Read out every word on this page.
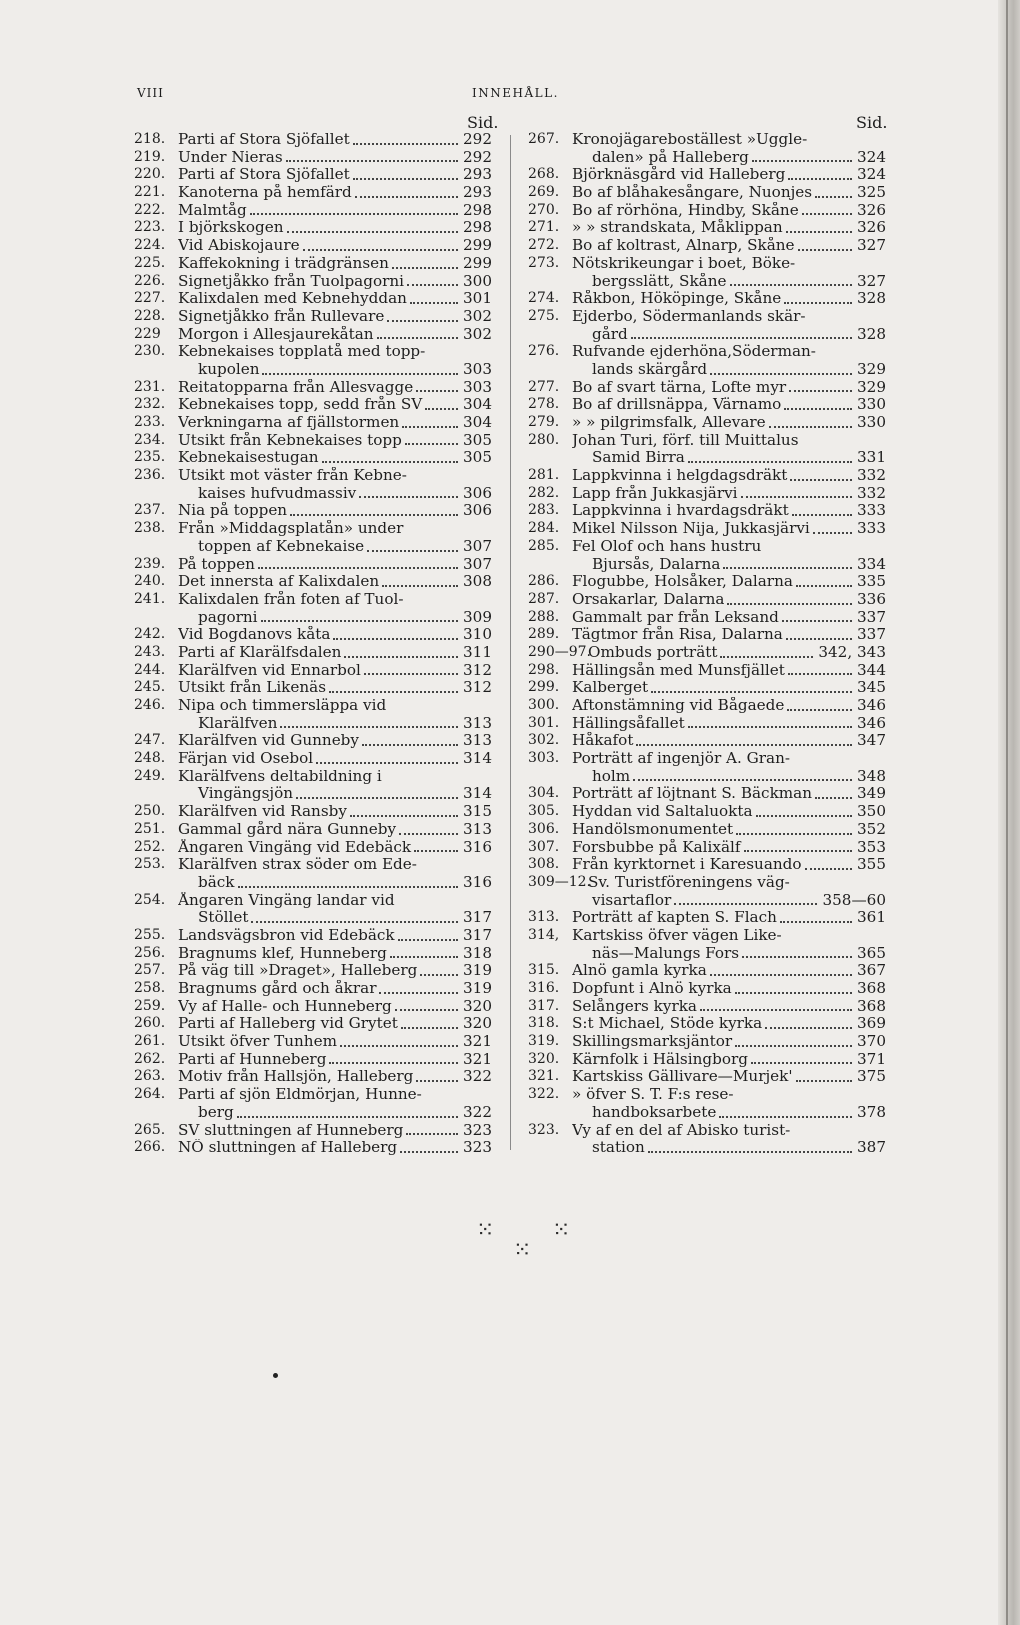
VIII	INNEHÅLL.
Sid.	Sid.
218. Parti af Stora Sjöfallet	292
219. Under Nieras	292
220. Parti af Stora Sjöfallet	293
221. Kanoterna på hemfärd	293
222. Malmtåg	298
223. I björkskogen	298
224. Vid Abiskojaure	299
225. Kaffekokning i trädgränsen	299
226. Signetjåkko från Tuolpagorni	300
227. Kalixdalen med Kebnehyddan	301
228. Signetjåkko från Rullevare	302
229	Morgon i Allesjaurekåtan	302
230. Kebnekaises topplatå med topp-
kupolen	303
231. Reitatopparna från Allesvagge	303
232. Kebnekaises topp, sedd från SV	304
233. Verkningarna af fjällstormen	304
234. Utsikt från Kebnekaises topp	305
235. Kebnekaisestugan	305
236. Utsikt mot väster från Kebne-
kaises hufvudmassiv	306
237. Nia på toppen	306
238. Från »Middagsplatån» under
toppen af Kebnekaise	307
239. På toppen	307
240. Det innersta af Kalixdalen	308
241. Kalixdalen från foten af Tuol-
pagorni	309
242. Vid Bogdanovs kåta	310
243. Parti af Klarälfsdalen	311
244. Klarälfven vid Ennarbol	312
245. Utsikt från Likenäs	312
246. Nipa och timmersläppa vid
Klarälfven	313
247. Klarälfven vid Gunneby	313
248. Färjan vid Osebol	314
249. Klarälfvens deltabildning i
Vingängsjön	314
250. Klarälfven vid Ransby	315
251. Gammal gård nära Gunneby	313
252. Ångaren Vingäng vid Edebäck	316
253. Klarälfven strax söder om Ede-
bäck	316
254. Ångaren Vingäng landar vid
Stöllet	317
255. Landsvägsbron vid Edebäck	317
256. Bragnums klef, Hunneberg	318
257. På väg till »Draget», Halleberg	319
258. Bragnums gård och åkrar	319
259. Vy af Halle- och Hunneberg	320
260. Parti af Halleberg vid Grytet	320
261. Utsikt öfver Tunhem	321
262. Parti af Hunneberg	321
263. Motiv från Hallsjön, Halleberg	322
264. Parti af sjön Eldmörjan, Hunne-
berg	322
265. SV sluttningen af Hunneberg	323
266. NÖ sluttningen af Halleberg	323
267. Kronojägareboställest »Uggle-
dalen» på Halleberg	324
268. Björknäsgård vid Halleberg	324
269. Bo af blåhakesångare, Nuonjes	325
270. Bo af rörhöna, Hindby, Skåne	326
271. » » strandskata, Måklippan	326
272. Bo af koltrast, Alnarp, Skåne	327
273. Nötskrikeungar i boet, Böke-
bergsslätt, Skåne	327
274. Råkbon, Hököpinge, Skåne	328
275. Ejderbo, Södermanlands skär-
gård	328
276. Rufvande ejderhöna,Söderman-
lands skärgård	329
277. Bo af svart tärna, Lofte myr	329
278. Bo af drillsnäppa, Värnamo	330
279. » » pilgrimsfalk, Allevare	330
280. Johan Turi, förf. till Muittalus
Samid Birra	331
281. Lappkvinna i helgdagsdräkt	332
282. Lapp från Jukkasjärvi	332
283. Lappkvinna i hvardagsdräkt	333
284. Mikel Nilsson Nija, Jukkasjärvi	333
285. Fel Olof och hans hustru
Bjursås, Dalarna	334
286. Flogubbe, Holsåker, Dalarna	335
287. Orsakarlar, Dalarna	336
288. Gammalt par från Leksand	337
289. Tägtmor från Risa, Dalarna	337
290—97.
Ombuds porträtt	342, 343
298. Hällingsån med Munsfjället	344
299. Kalberget	345
300. Aftonstämning vid Bågaede	346
301. Hällingsåfallet	346
302. Håkafot	347
303. Porträtt af ingenjör A. Gran-
holm	348
304. Porträtt af löjtnant S. Bäckman	349
305. Hyddan vid Saltaluokta	350
306. Handölsmonumentet	352
307. Forsbubbe på Kalixälf	353
308. Från kyrktornet i Karesuando	355
309—12.
Sv. Turistföreningens väg-
visartaflor	358—60
313. Porträtt af kapten S. Flach	361
314, Kartskiss öfver vägen Like-
näs—Malungs Fors	365
315. Alnö gamla kyrka	367
316. Dopfunt i Alnö kyrka	368
317. Selångers kyrka	368
318. S:t Michael, Stöde kyrka	369
319. Skillingsmarksjäntor	370
320. Kärnfolk i Hälsingborg	371
321. Kartskiss Gällivare—Murjek'	375
322. » öfver S. T. F:s rese-
handboksarbete	378
323. Vy af en del af Abisko turist-
station	387
⁙	⁙
⁙
